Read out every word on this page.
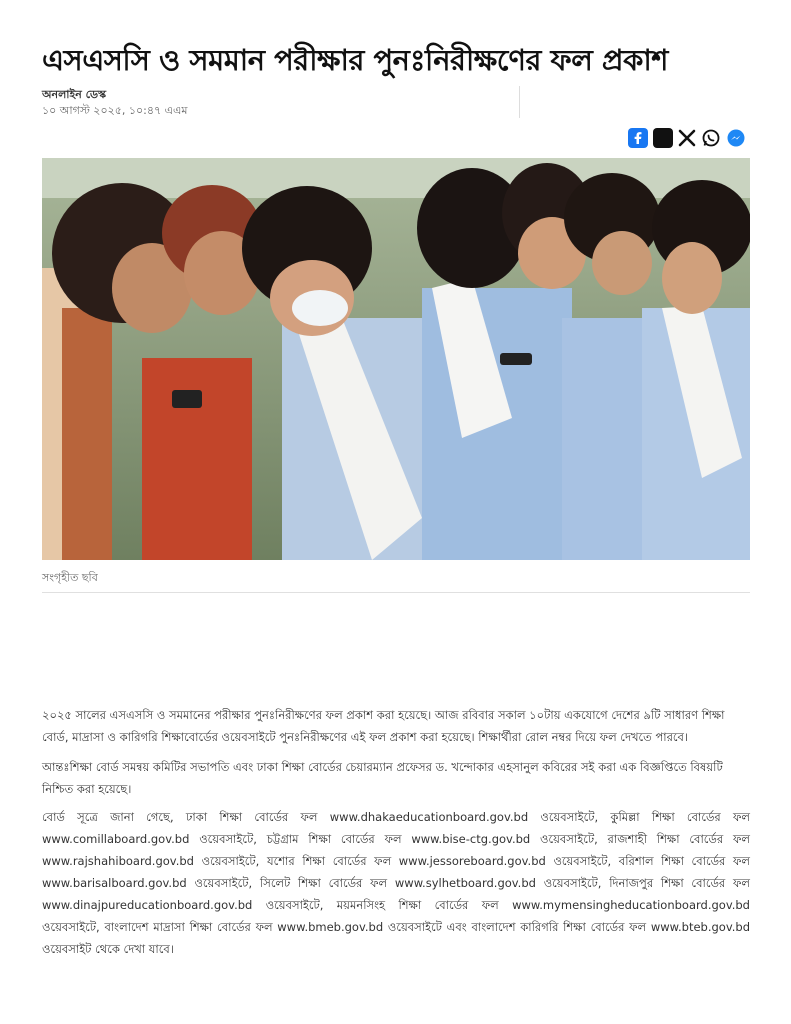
এসএসসি ও সমমান পরীক্ষার পুনঃনিরীক্ষণের ফল প্রকাশ
অনলাইন ডেস্ক
১০ আগস্ট ২০২৫, ১০:৪৭ এএম
সংগৃহীত ছবি

২০২৫ সালের এসএসসি ও সমমানের পরীক্ষার পুনঃনিরীক্ষণের ফল প্রকাশ করা হয়েছে। আজ রবিবার সকাল ১০টায় একযোগে দেশের ৯টি সাধারণ শিক্ষা বোর্ড, মাদ্রাসা ও কারিগরি শিক্ষাবোর্ডের ওয়েবসাইটে পুনঃনিরীক্ষণের এই ফল প্রকাশ করা হয়েছে। শিক্ষার্থীরা রোল নম্বর দিয়ে ফল দেখতে পারবে।

আন্তঃশিক্ষা বোর্ড সমন্বয় কমিটির সভাপতি এবং ঢাকা শিক্ষা বোর্ডের চেয়ারম্যান প্রফেসর ড. খন্দোকার এহসানুল কবিরের সই করা এক বিজ্ঞপ্তিতে বিষয়টি নিশ্চিত করা হয়েছে।

বোর্ড সূত্রে জানা গেছে, ঢাকা শিক্ষা বোর্ডের ফল www.dhakaeducationboard.gov.bd ওয়েবসাইটে, কুমিল্লা শিক্ষা বোর্ডের ফল www.comillaboard.gov.bd ওয়েবসাইটে, চট্টগ্রাম শিক্ষা বোর্ডের ফল www.bise-ctg.gov.bd ওয়েবসাইটে, রাজশাহী শিক্ষা বোর্ডের ফল www.rajshahiboard.gov.bd ওয়েবসাইটে, যশোর শিক্ষা বোর্ডের ফল www.jessoreboard.gov.bd ওয়েবসাইটে, বরিশাল শিক্ষা বোর্ডের ফল www.barisalboard.gov.bd ওয়েবসাইটে, সিলেট শিক্ষা বোর্ডের ফল www.sylhetboard.gov.bd ওয়েবসাইটে, দিনাজপুর শিক্ষা বোর্ডের ফল www.dinajpureducationboard.gov.bd ওয়েবসাইটে, ময়মনসিংহ শিক্ষা বোর্ডের ফল www.mymensingheducationboard.gov.bd ওয়েবসাইটে, বাংলাদেশ মাদ্রাসা শিক্ষা বোর্ডের ফল www.bmeb.gov.bd ওয়েবসাইটে এবং বাংলাদেশ কারিগরি শিক্ষা বোর্ডের ফল www.bteb.gov.bd ওয়েবসাইট থেকে দেখা যাবে।
